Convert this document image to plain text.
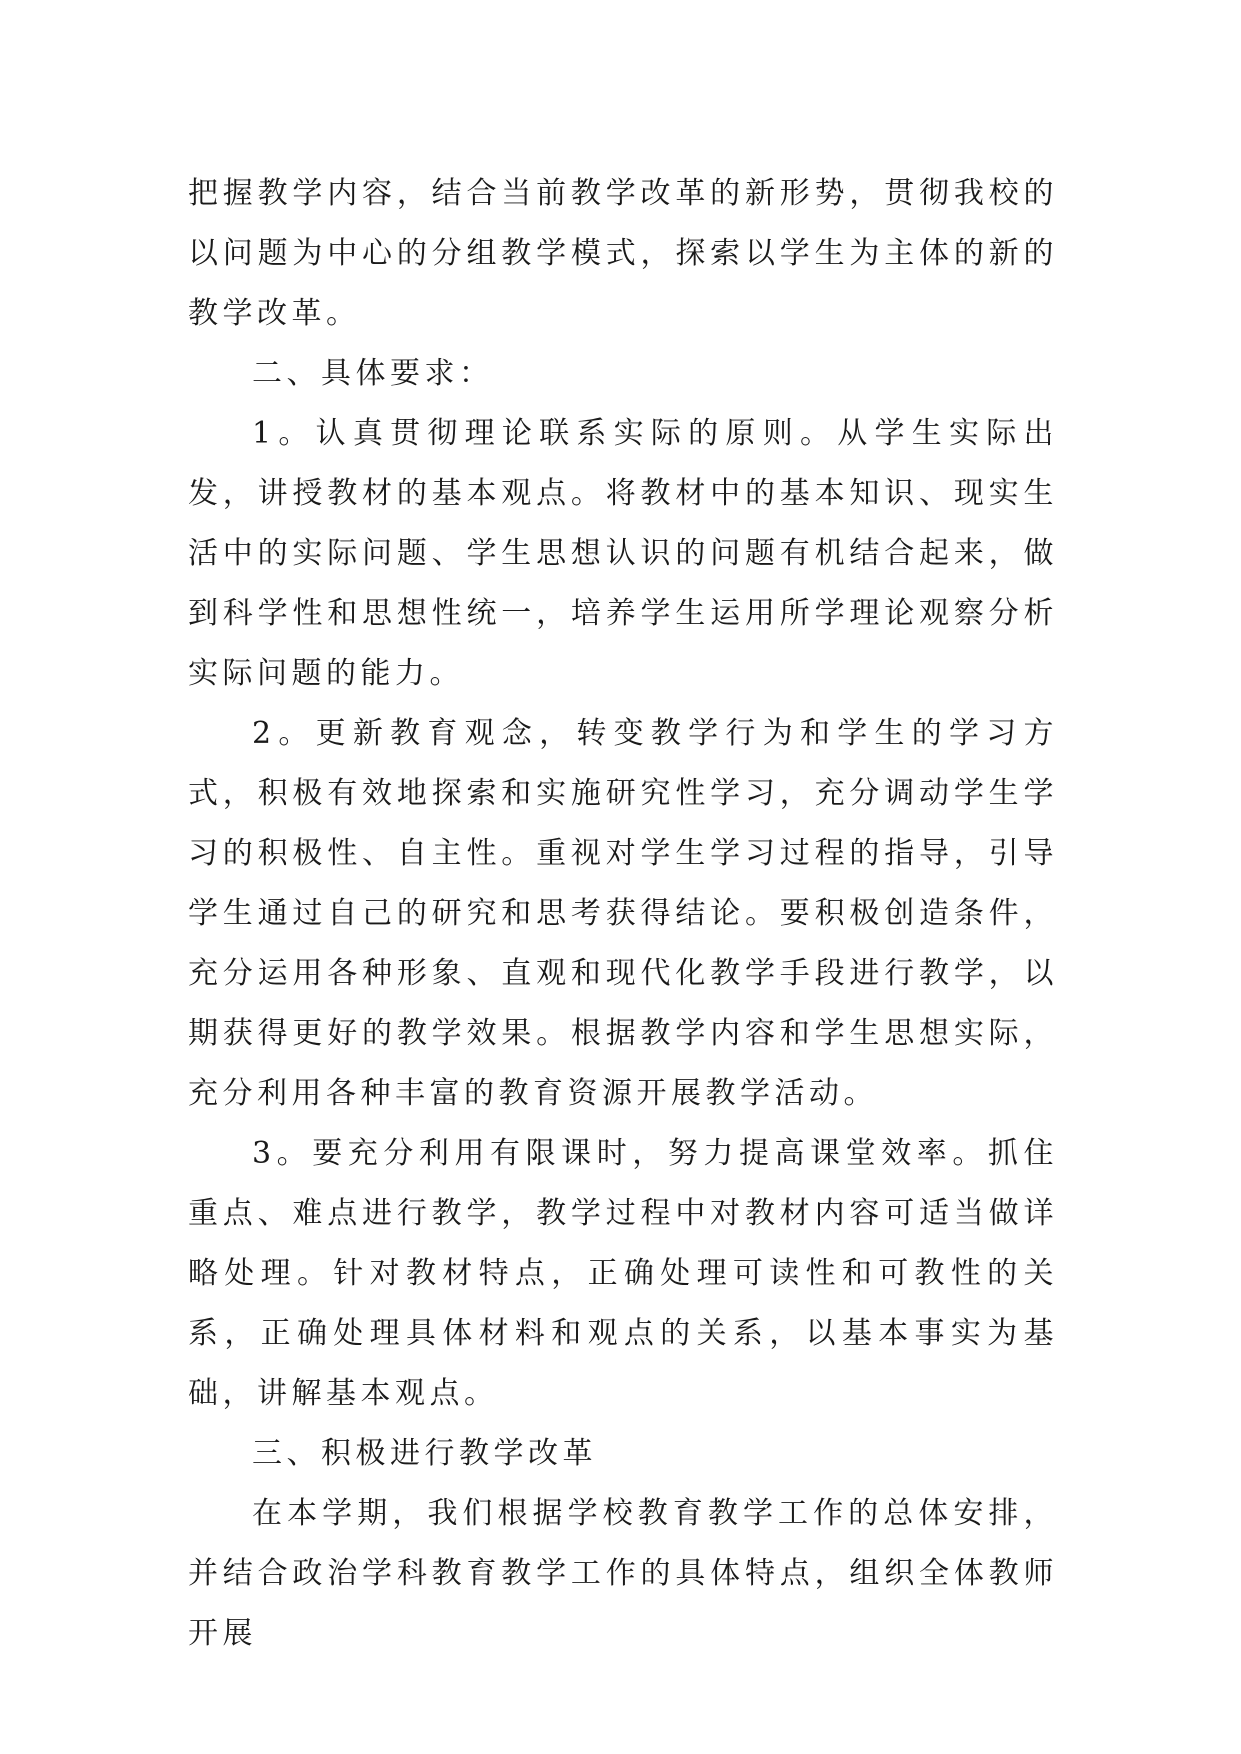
把握教学内容，结合当前教学改革的新形势，贯彻我校的以问题为中心的分组教学模式，探索以学生为主体的新的教学改革。

二、具体要求：

1。认真贯彻理论联系实际的原则。从学生实际出发，讲授教材的基本观点。将教材中的基本知识、现实生活中的实际问题、学生思想认识的问题有机结合起来，做到科学性和思想性统一，培养学生运用所学理论观察分析实际问题的能力。

2。更新教育观念，转变教学行为和学生的学习方式，积极有效地探索和实施研究性学习，充分调动学生学习的积极性、自主性。重视对学生学习过程的指导，引导学生通过自己的研究和思考获得结论。要积极创造条件，充分运用各种形象、直观和现代化教学手段进行教学，以期获得更好的教学效果。根据教学内容和学生思想实际，充分利用各种丰富的教育资源开展教学活动。

3。要充分利用有限课时，努力提高课堂效率。抓住重点、难点进行教学，教学过程中对教材内容可适当做详略处理。针对教材特点，正确处理可读性和可教性的关系，正确处理具体材料和观点的关系，以基本事实为基础，讲解基本观点。

三、积极进行教学改革

在本学期，我们根据学校教育教学工作的总体安排，并结合政治学科教育教学工作的具体特点，组织全体教师开展
